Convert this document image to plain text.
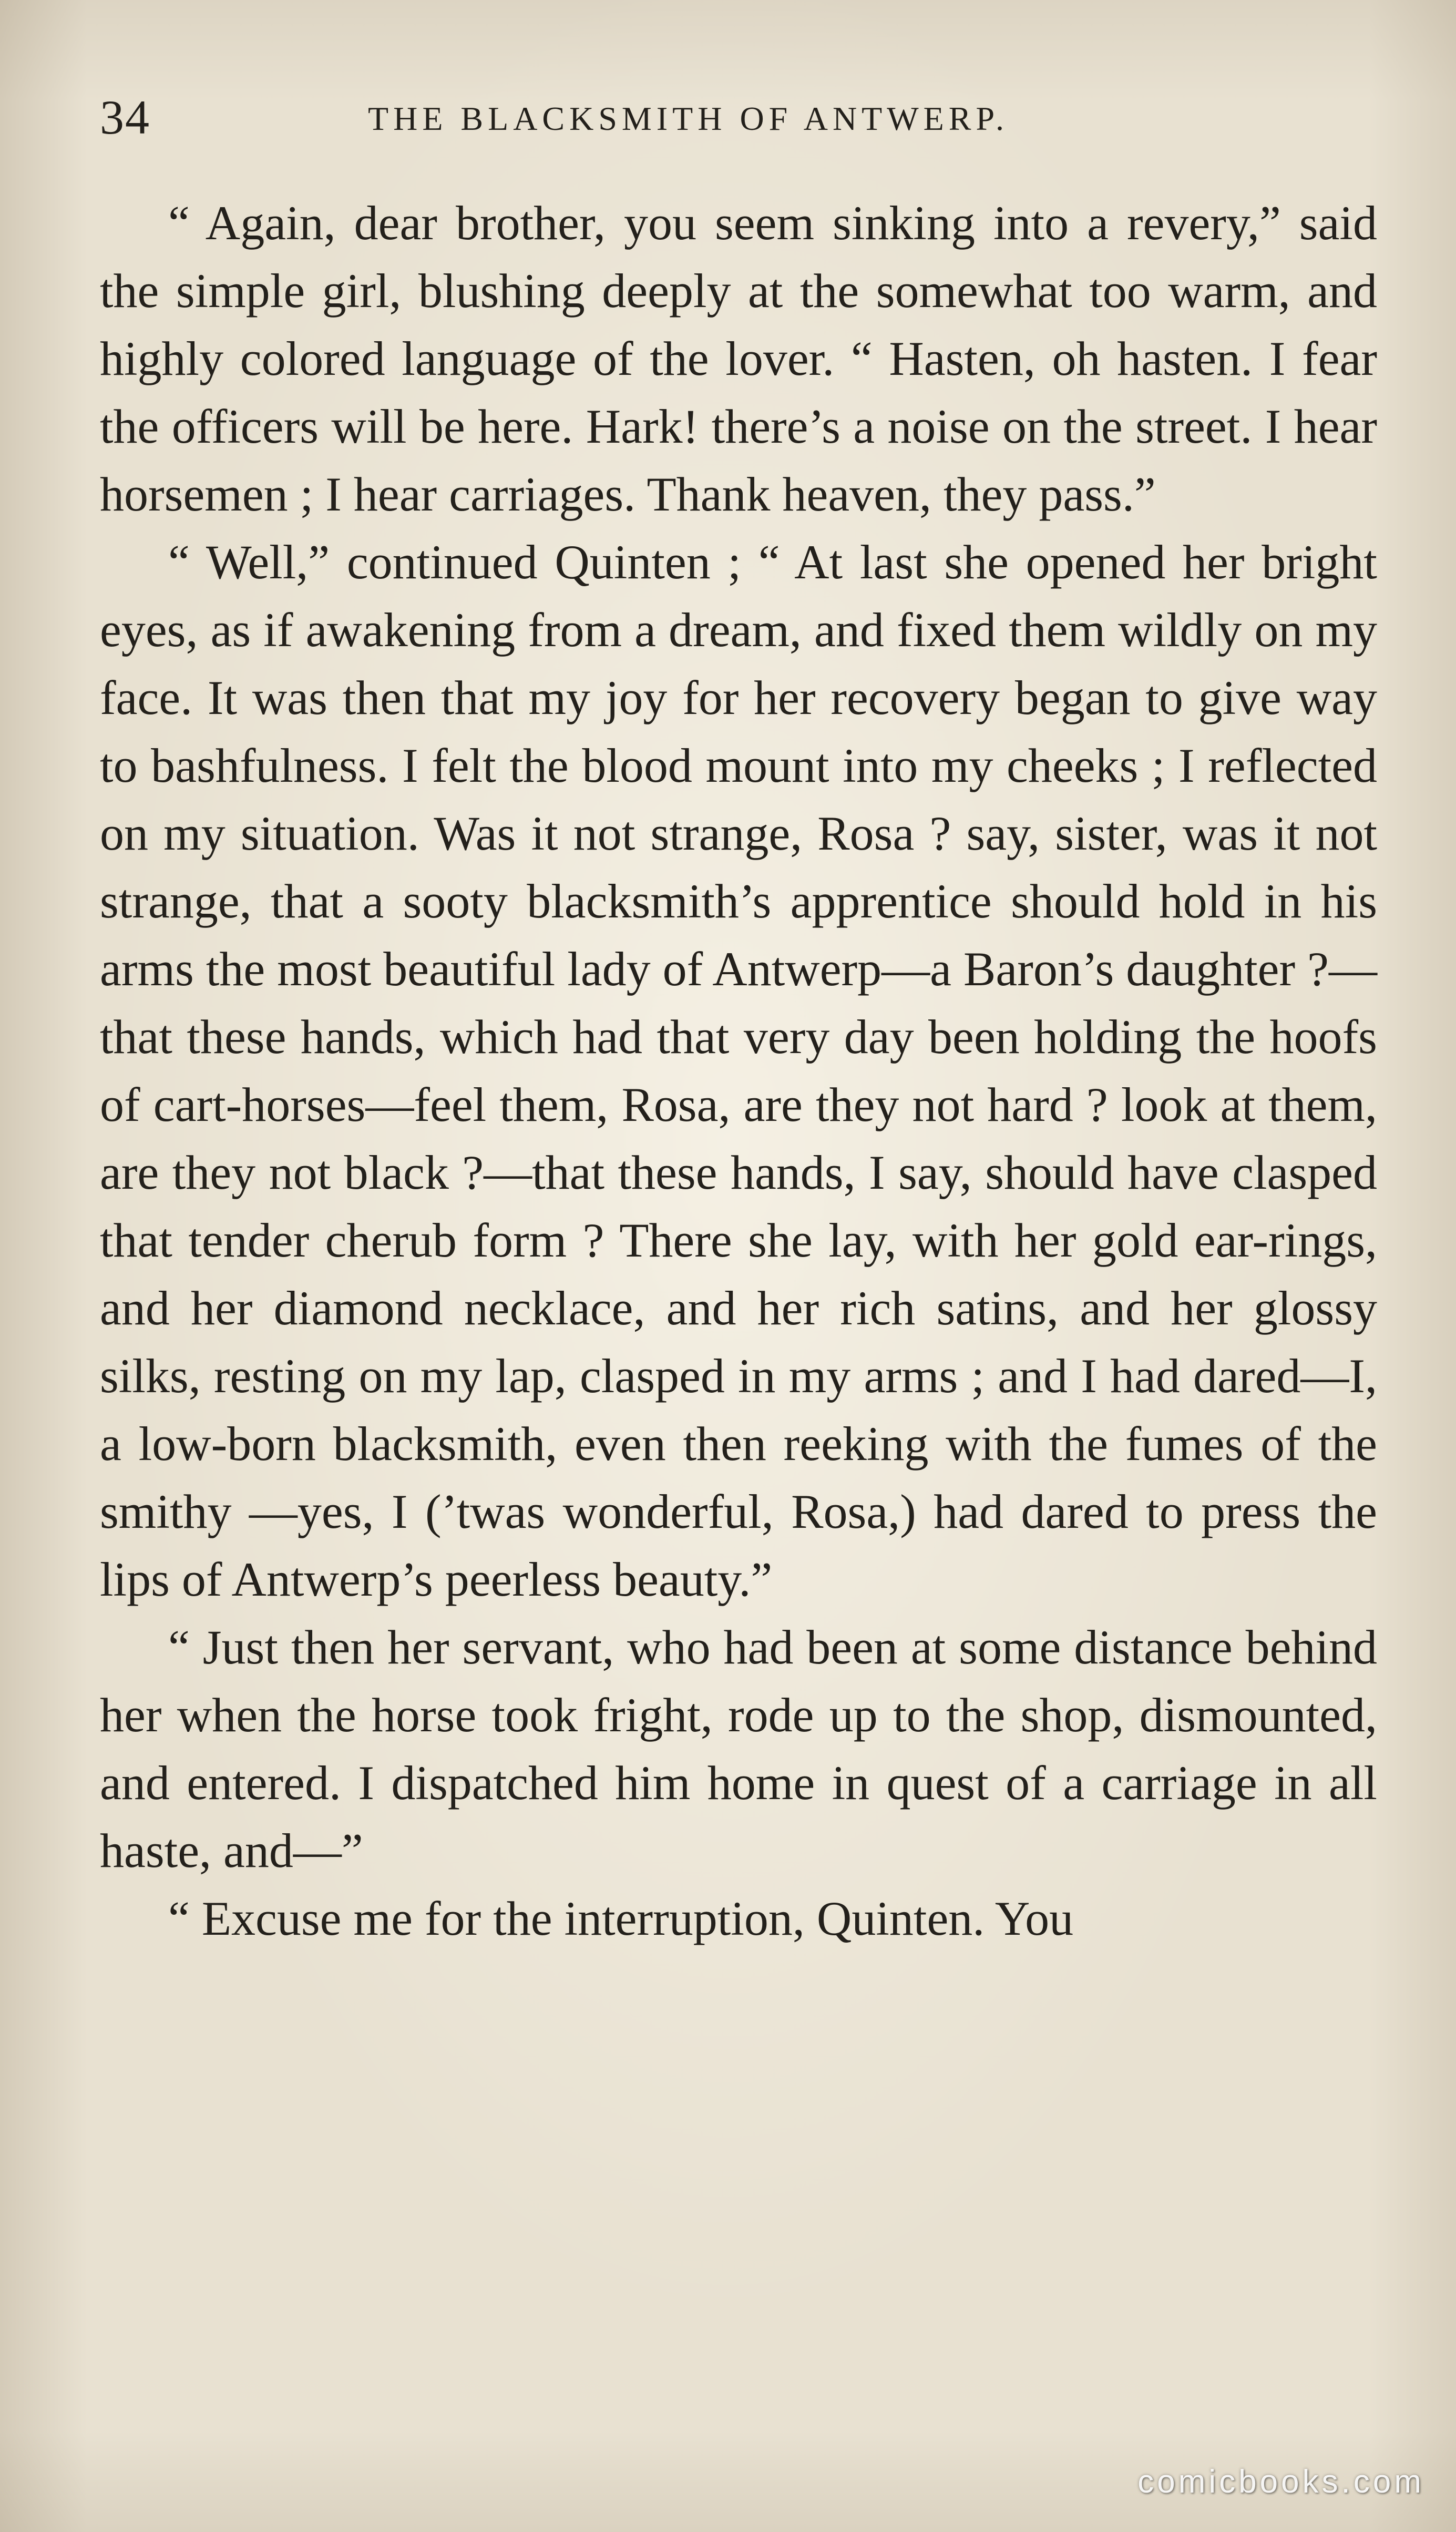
34	THE BLACKSMITH OF ANTWERP.

“ Again, dear brother, you seem sinking into a revery,” said the simple girl, blushing deeply at the somewhat too warm, and highly colored language of the lover. “ Hasten, oh hasten. I fear the officers will be here. Hark! there’s a noise on the street. I hear horsemen ; I hear carriages. Thank heaven, they pass.”

“ Well,” continued Quinten ; “ At last she opened her bright eyes, as if awakening from a dream, and fixed them wildly on my face. It was then that my joy for her recovery began to give way to bashfulness. I felt the blood mount into my cheeks ; I reflected on my situation. Was it not strange, Rosa ? say, sister, was it not strange, that a sooty blacksmith’s apprentice should hold in his arms the most beautiful lady of Antwerp—a Baron’s daughter ?—that these hands, which had that very day been holding the hoofs of cart-horses—feel them, Rosa, are they not hard ? look at them, are they not black ?—that these hands, I say, should have clasped that tender cherub form ? There she lay, with her gold ear-rings, and her diamond necklace, and her rich satins, and her glossy silks, resting on my lap, clasped in my arms ; and I had dared—I, a low-born blacksmith, even then reeking with the fumes of the smithy —yes, I (’twas wonderful, Rosa,) had dared to press the lips of Antwerp’s peerless beauty.”

“ Just then her servant, who had been at some distance behind her when the horse took fright, rode up to the shop, dismounted, and entered. I dispatched him home in quest of a carriage in all haste, and—”

“ Excuse me for the interruption, Quinten. You

comicbooks.com
